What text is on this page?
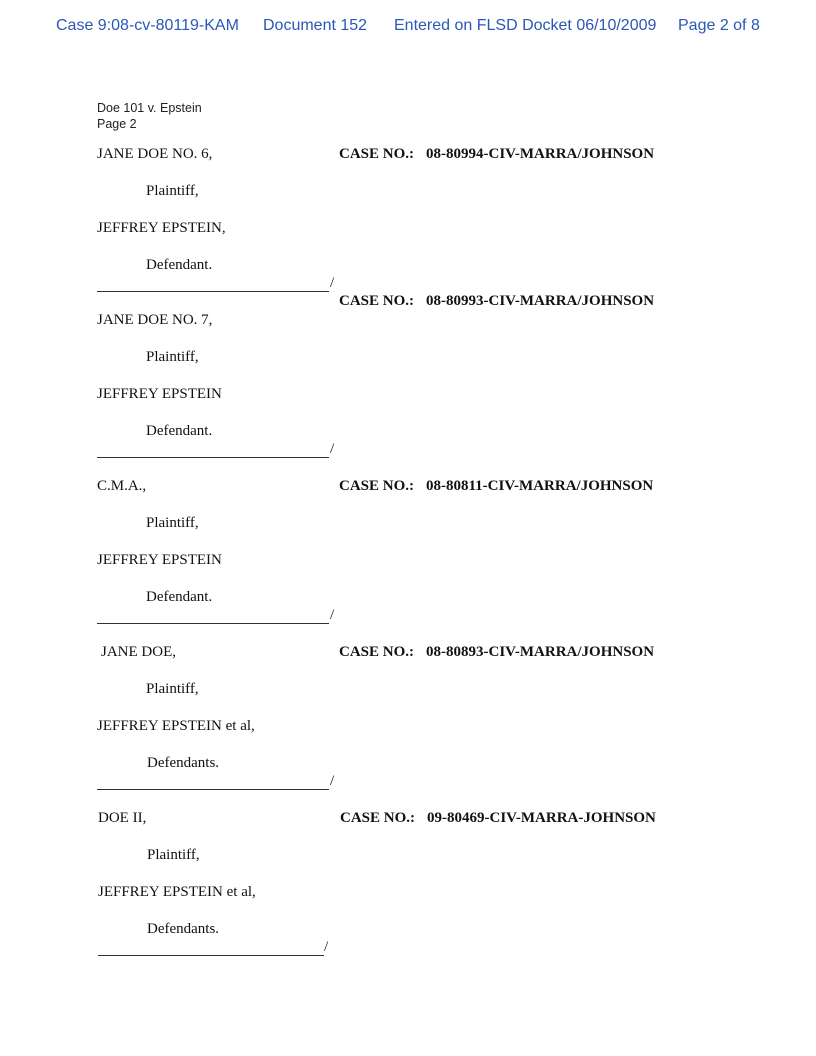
Case 9:08-cv-80119-KAM Document 152 Entered on FLSD Docket 06/10/2009 Page 2 of 8
Doe 101 v. Epstein
Page 2
JANE DOE NO. 6,	CASE NO.: 08-80994-CIV-MARRA/JOHNSON
Plaintiff,
JEFFREY EPSTEIN,
Defendant.
/
CASE NO.: 08-80993-CIV-MARRA/JOHNSON
JANE DOE NO. 7,
Plaintiff,
JEFFREY EPSTEIN
Defendant.
/
C.M.A.,	CASE NO.: 08-80811-CIV-MARRA/JOHNSON
Plaintiff,
JEFFREY EPSTEIN
Defendant.
/
JANE DOE,	CASE NO.: 08-80893-CIV-MARRA/JOHNSON
Plaintiff,
JEFFREY EPSTEIN et al,
Defendants.
/
DOE II,	CASE NO.: 09-80469-CIV-MARRA-JOHNSON
Plaintiff,
JEFFREY EPSTEIN et al,
Defendants.
/
